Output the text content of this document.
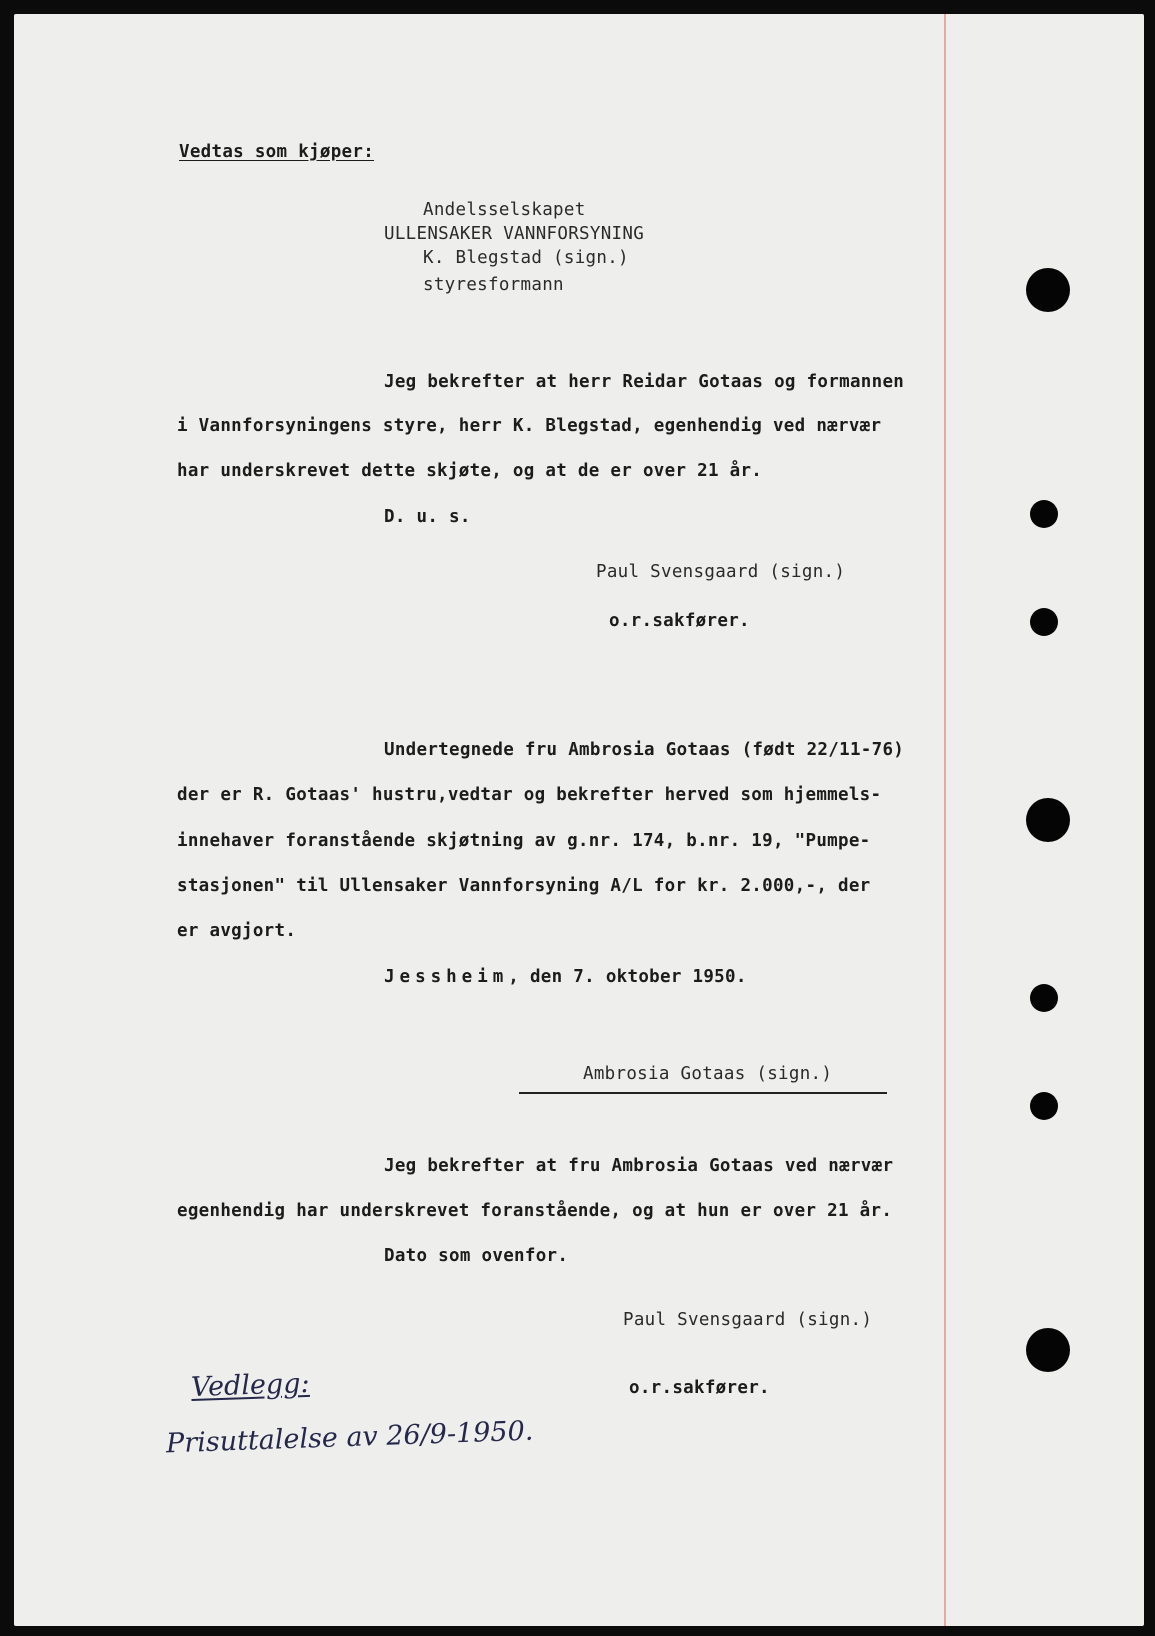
Vedtas som kjøper:
Andelsselskapet
ULLENSAKER VANNFORSYNING
K. Blegstad (sign.)
styresformann
Jeg bekrefter at herr Reidar Gotaas og formannen
i Vannforsyningens styre, herr K. Blegstad, egenhendig ved nærvær
har underskrevet dette skjøte, og at de er over 21 år.
D. u. s.
Paul Svensgaard (sign.)
o.r.sakfører.
Undertegnede fru Ambrosia Gotaas (født 22/11-76)
der er R. Gotaas' hustru,vedtar og bekrefter herved som hjemmels-
innehaver foranstående skjøtning av g.nr. 174, b.nr. 19, "Pumpe-
stasjonen" til Ullensaker Vannforsyning A/L for kr. 2.000,-, der
er avgjort.
Jessheim, den 7. oktober 1950.
Ambrosia Gotaas (sign.)
Jeg bekrefter at fru Ambrosia Gotaas ved nærvær
egenhendig har underskrevet foranstående, og at hun er over 21 år.
Dato som ovenfor.
Paul Svensgaard (sign.)
o.r.sakfører.
Vedlegg:
Prisuttalelse av 26/9-1950.
